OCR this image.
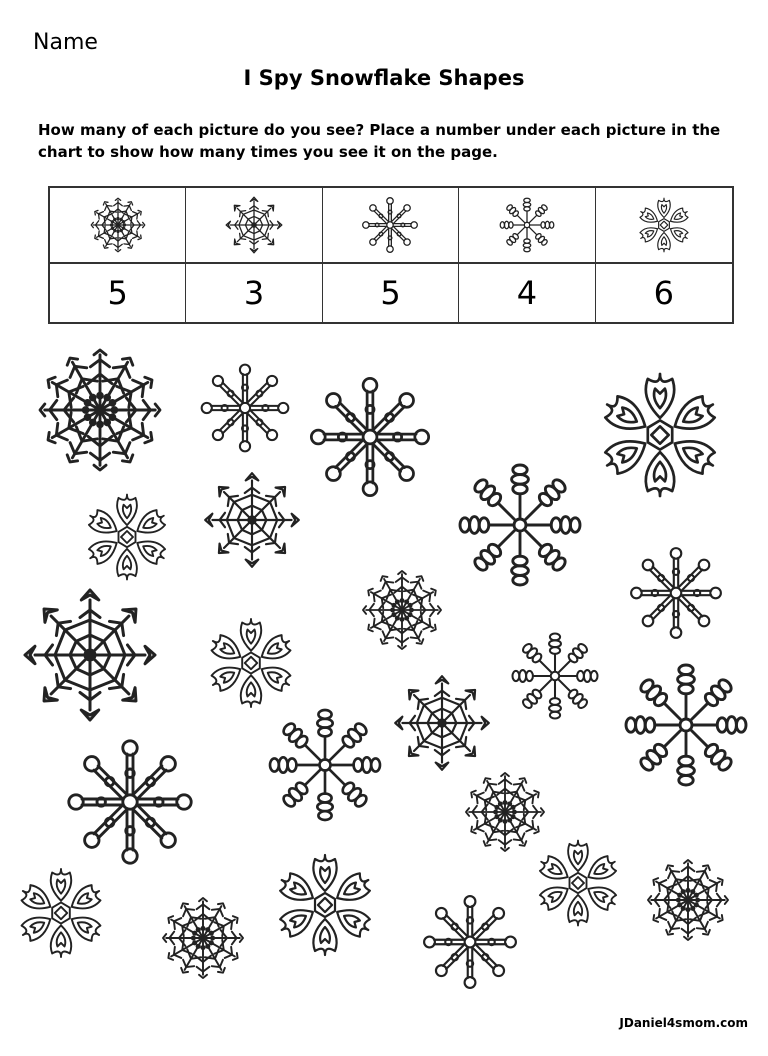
Name
I Spy Snowflake Shapes
How many of each picture do you see? Place a number under each picture in the chart to show how many times you see it on the page.
5	3	5	4	6
JDaniel4smom.com
